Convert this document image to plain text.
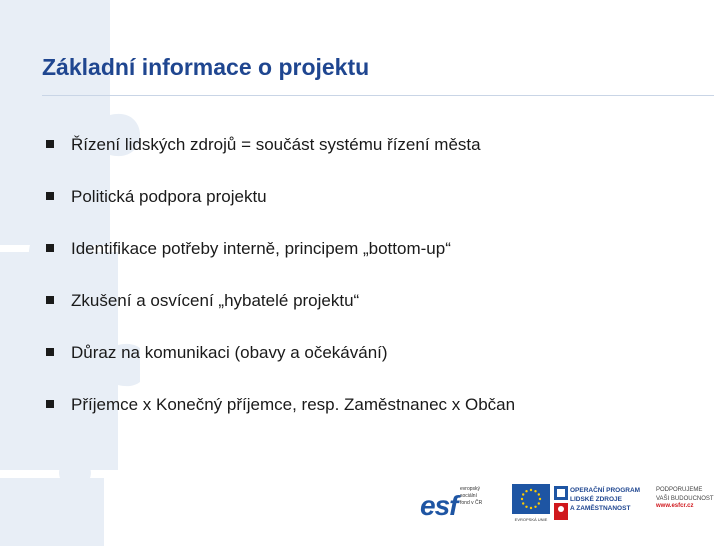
Základní informace o projektu
Řízení lidských zdrojů = součást systému řízení města
Politická podpora projektu
Identifikace potřeby interně, principem „bottom-up“
Zkušení a osvícení „hybatelé projektu“
Důraz na komunikaci (obavy a očekávání)
Příjemce x Konečný příjemce, resp. Zaměstnanec x Občan
esf
evropský
sociální
fond v ČR
EVROPSKÁ UNIE
OPERAČNÍ PROGRAM
LIDSKÉ ZDROJE
A ZAMĚSTNANOST
PODPORUJEME
VAŠI BUDOUCNOST
www.esfcr.cz
